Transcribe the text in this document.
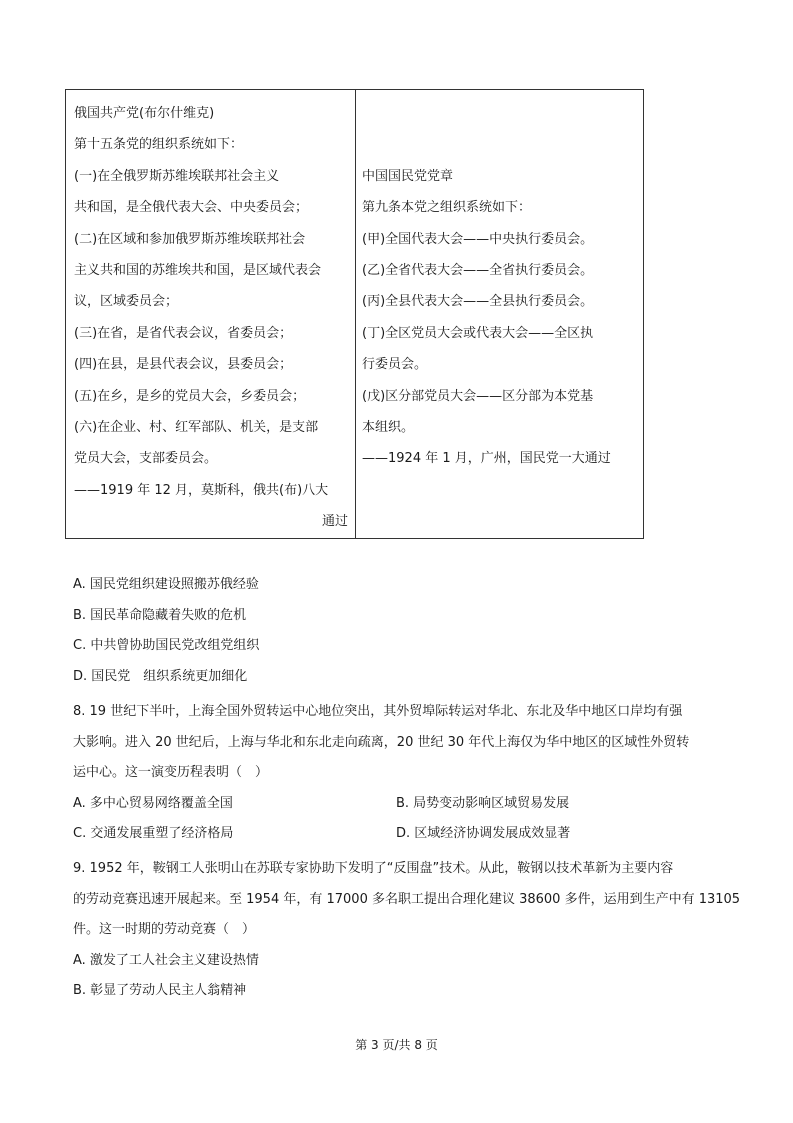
俄国共产党(布尔什维克)
第十五条党的组织系统如下：
(一)在全俄罗斯苏维埃联邦社会主义
共和国，是全俄代表大会、中央委员会；
(二)在区域和参加俄罗斯苏维埃联邦社会
主义共和国的苏维埃共和国，是区域代表会
议，区域委员会；
(三)在省，是省代表会议，省委员会；
(四)在县，是县代表会议，县委员会；
(五)在乡，是乡的党员大会，乡委员会；
(六)在企业、村、红军部队、机关，是支部
党员大会，支部委员会。
——1919 年 12 月，莫斯科，俄共(布)八大
通过

中国国民党党章
第九条本党之组织系统如下：
(甲)全国代表大会——中央执行委员会。
(乙)全省代表大会——全省执行委员会。
(丙)全县代表大会——全县执行委员会。
(丁)全区党员大会或代表大会——全区执
行委员会。
(戊)区分部党员大会——区分部为本党基
本组织。
——1924 年 1 月，广州，国民党一大通过
A. 国民党组织建设照搬苏俄经验
B. 国民革命隐藏着失败的危机
C. 中共曾协助国民党改组党组织
D. 国民党　组织系统更加细化
8. 19 世纪下半叶，上海全国外贸转运中心地位突出，其外贸埠际转运对华北、东北及华中地区口岸均有强
大影响。进入 20 世纪后，上海与华北和东北走向疏离，20 世纪 30 年代上海仅为华中地区的区域性外贸转
运中心。这一演变历程表明（　）
A. 多中心贸易网络覆盖全国	B. 局势变动影响区域贸易发展
C. 交通发展重塑了经济格局	D. 区域经济协调发展成效显著
9. 1952 年，鞍钢工人张明山在苏联专家协助下发明了“反围盘”技术。从此，鞍钢以技术革新为主要内容
的劳动竞赛迅速开展起来。至 1954 年，有 17000 多名职工提出合理化建议 38600 多件，运用到生产中有 13105
件。这一时期的劳动竞赛（　）
A. 激发了工人社会主义建设热情
B. 彰显了劳动人民主人翁精神
第 3 页/共 8 页
